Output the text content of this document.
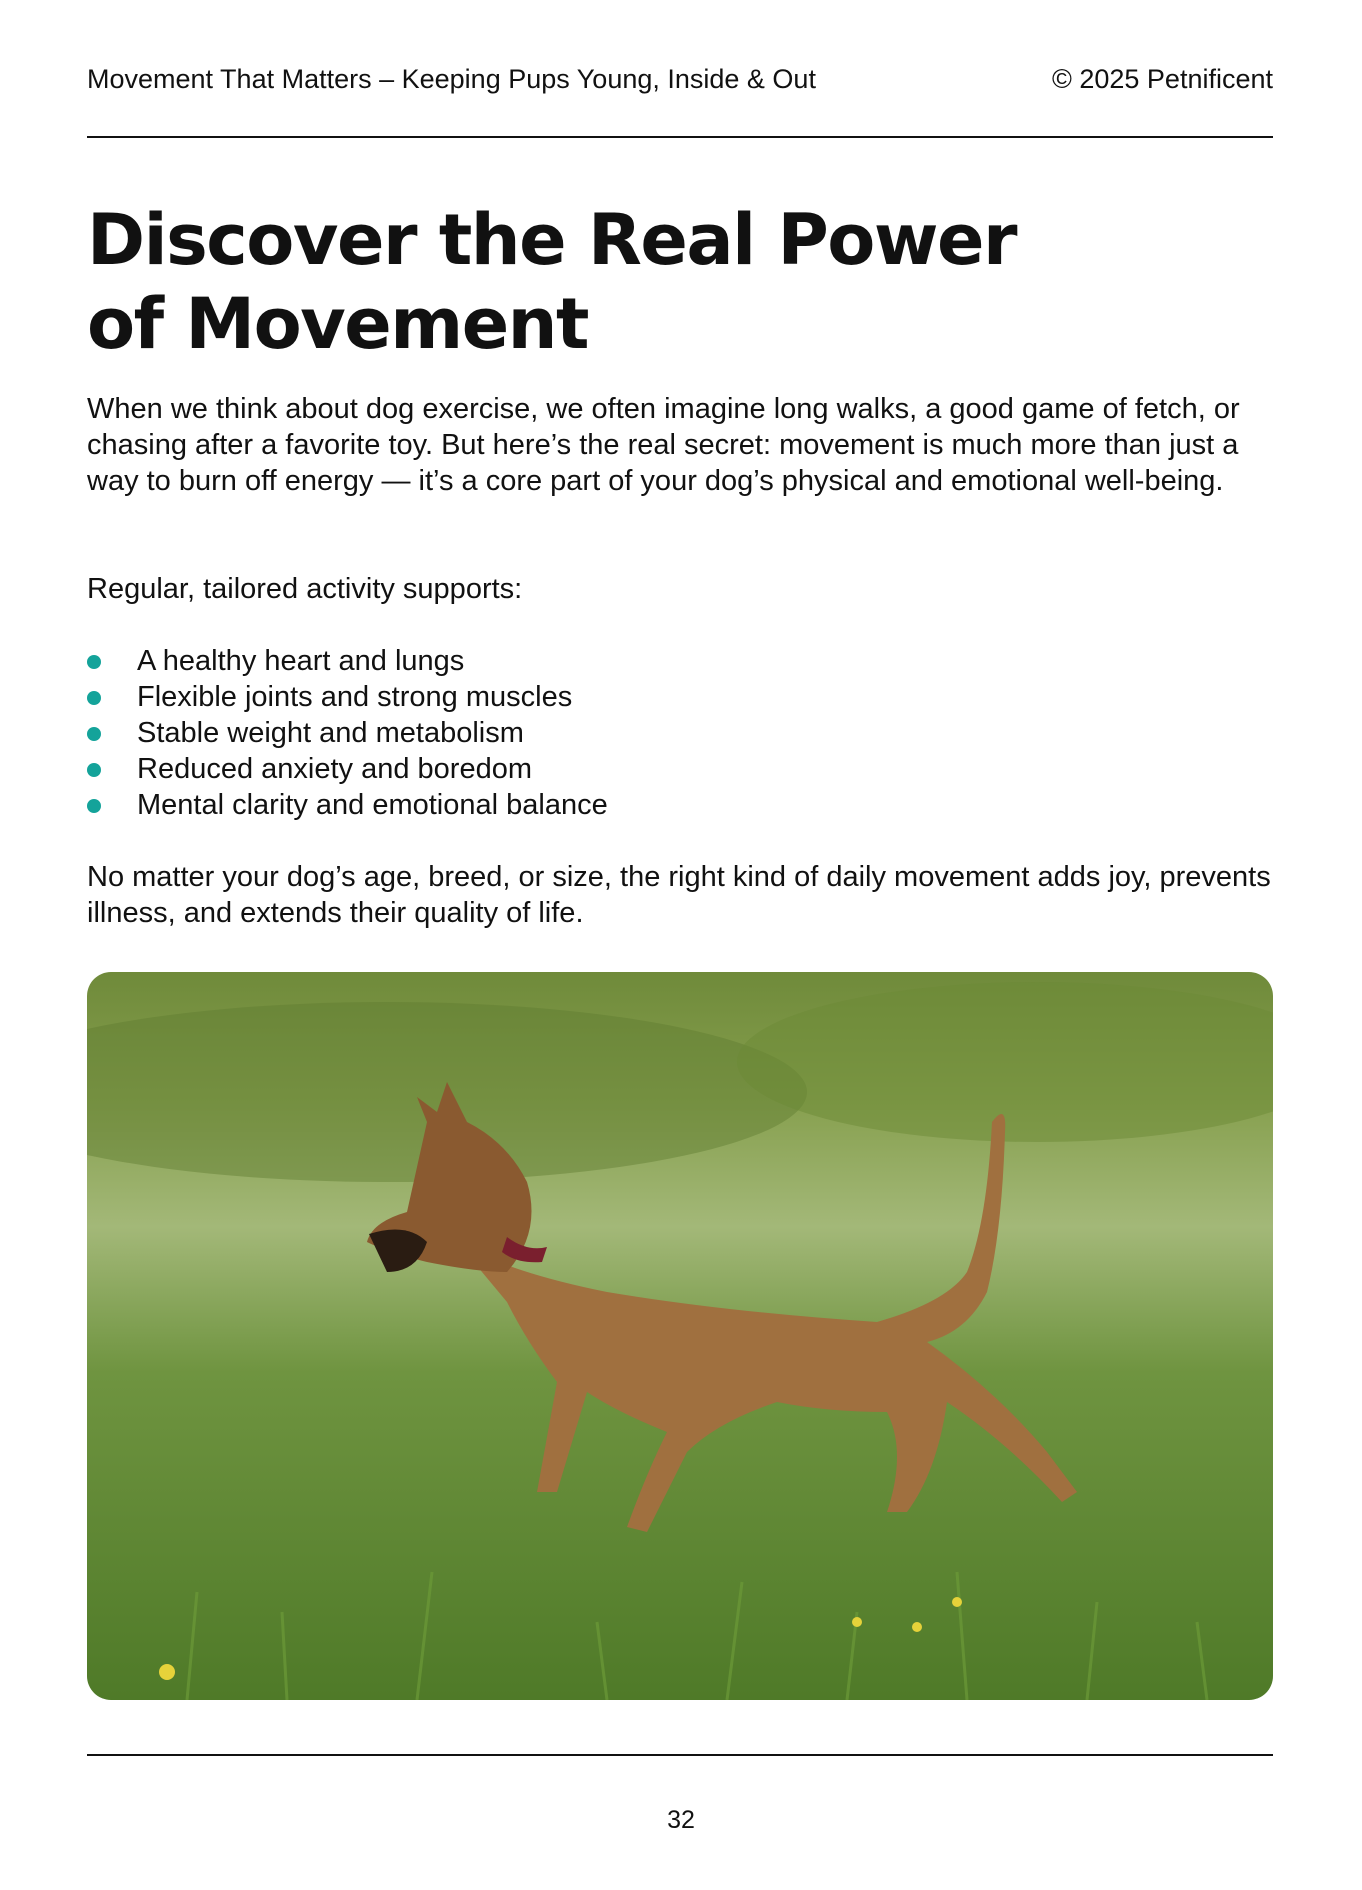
Movement That Matters – Keeping Pups Young, Inside & Out	© 2025 Petnificent
Discover the Real Power
of Movement

When we think about dog exercise, we often imagine long walks, a good game of fetch, or chasing after a favorite toy. But here’s the real secret: movement is much more than just a way to burn off energy — it’s a core part of your dog’s physical and emotional well-being.

Regular, tailored activity supports:

A healthy heart and lungs
Flexible joints and strong muscles
Stable weight and metabolism
Reduced anxiety and boredom
Mental clarity and emotional balance

No matter your dog’s age, breed, or size, the right kind of daily movement adds joy, prevents illness, and extends their quality of life.

32
